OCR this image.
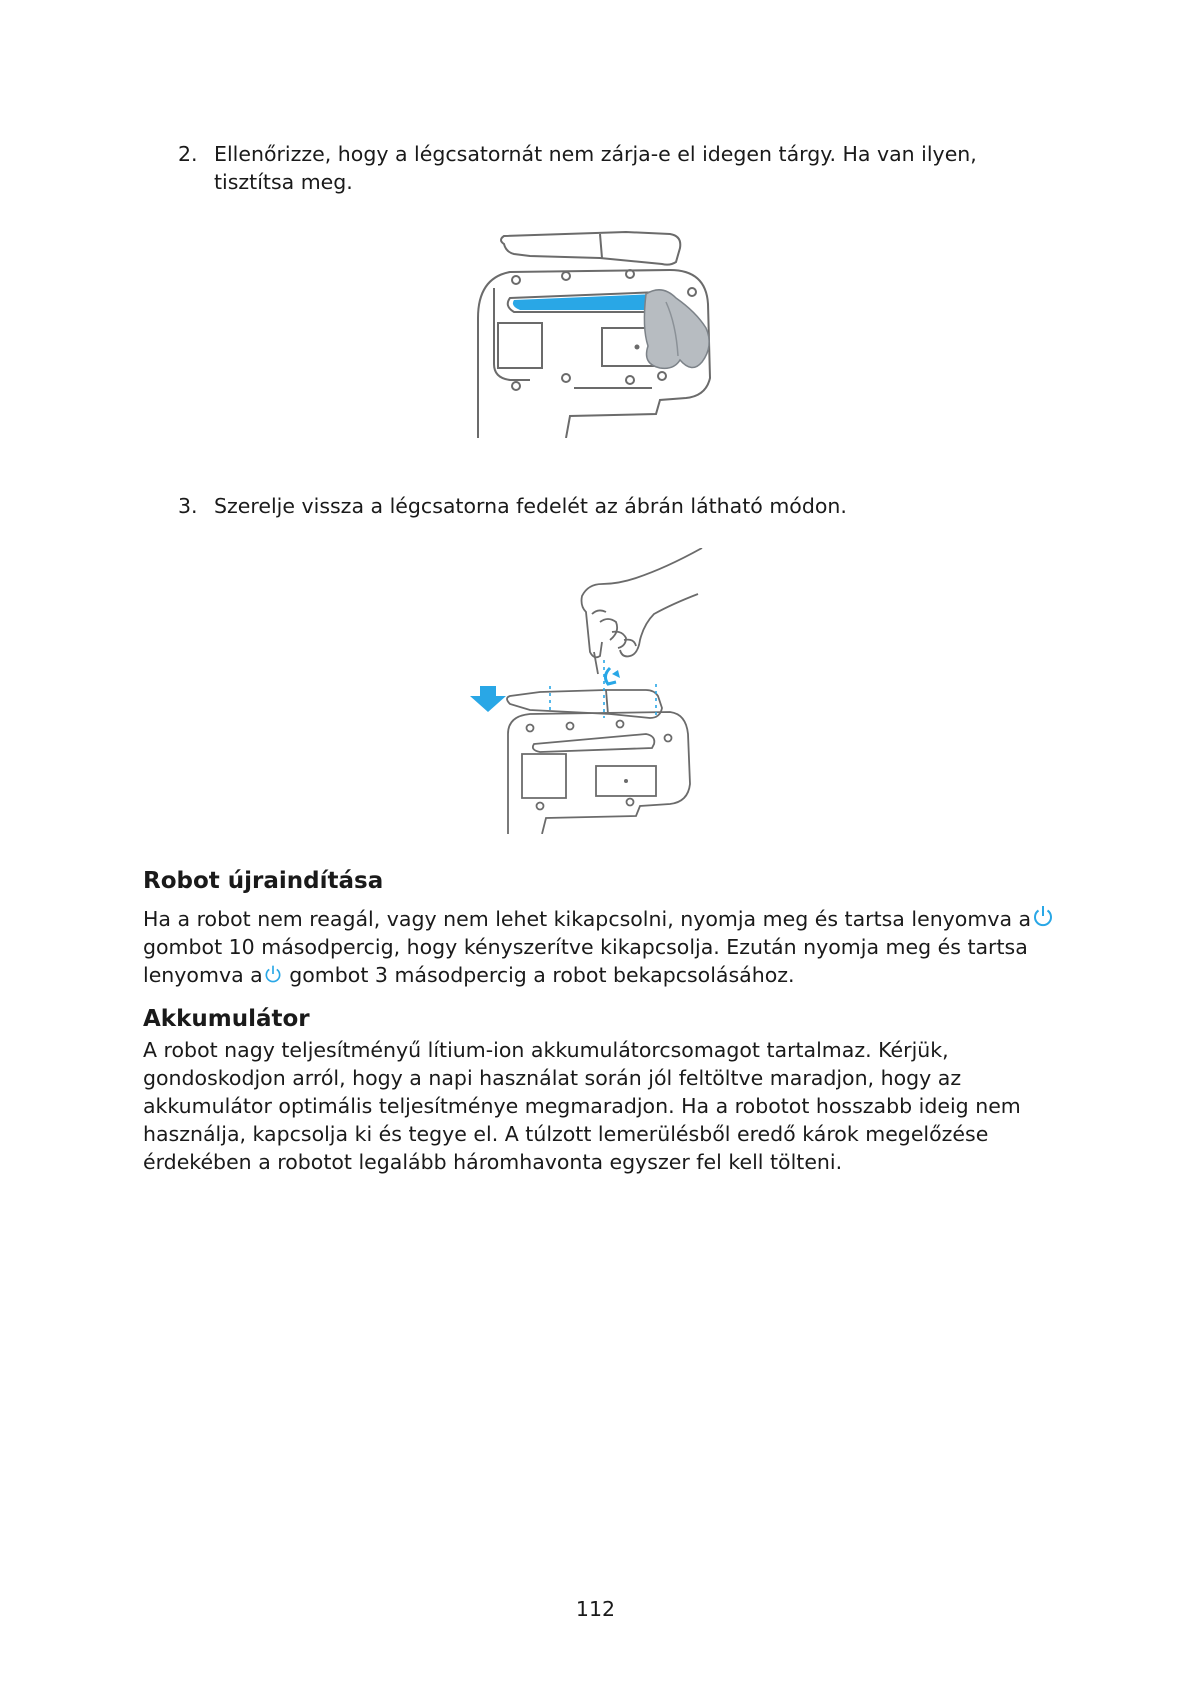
2. Ellenőrizze, hogy a légcsatornát nem zárja-e el idegen tárgy. Ha van ilyen, tisztítsa meg.
3. Szerelje vissza a légcsatorna fedelét az ábrán látható módon.
Robot újraindítása
Ha a robot nem reagál, vagy nem lehet kikapcsolni, nyomja meg és tartsa lenyomva a gombot 10 másodpercig, hogy kényszerítve kikapcsolja. Ezután nyomja meg és tartsa lenyomva a gombot 3 másodpercig a robot bekapcsolásához.
Akkumulátor
A robot nagy teljesítményű lítium-ion akkumulátorcsomagot tartalmaz. Kérjük, gondoskodjon arról, hogy a napi használat során jól feltöltve maradjon, hogy az akkumulátor optimális teljesítménye megmaradjon. Ha a robotot hosszabb ideig nem használja, kapcsolja ki és tegye el. A túlzott lemerülésből eredő károk megelőzése érdekében a robotot legalább háromhavonta egyszer fel kell tölteni.
112
